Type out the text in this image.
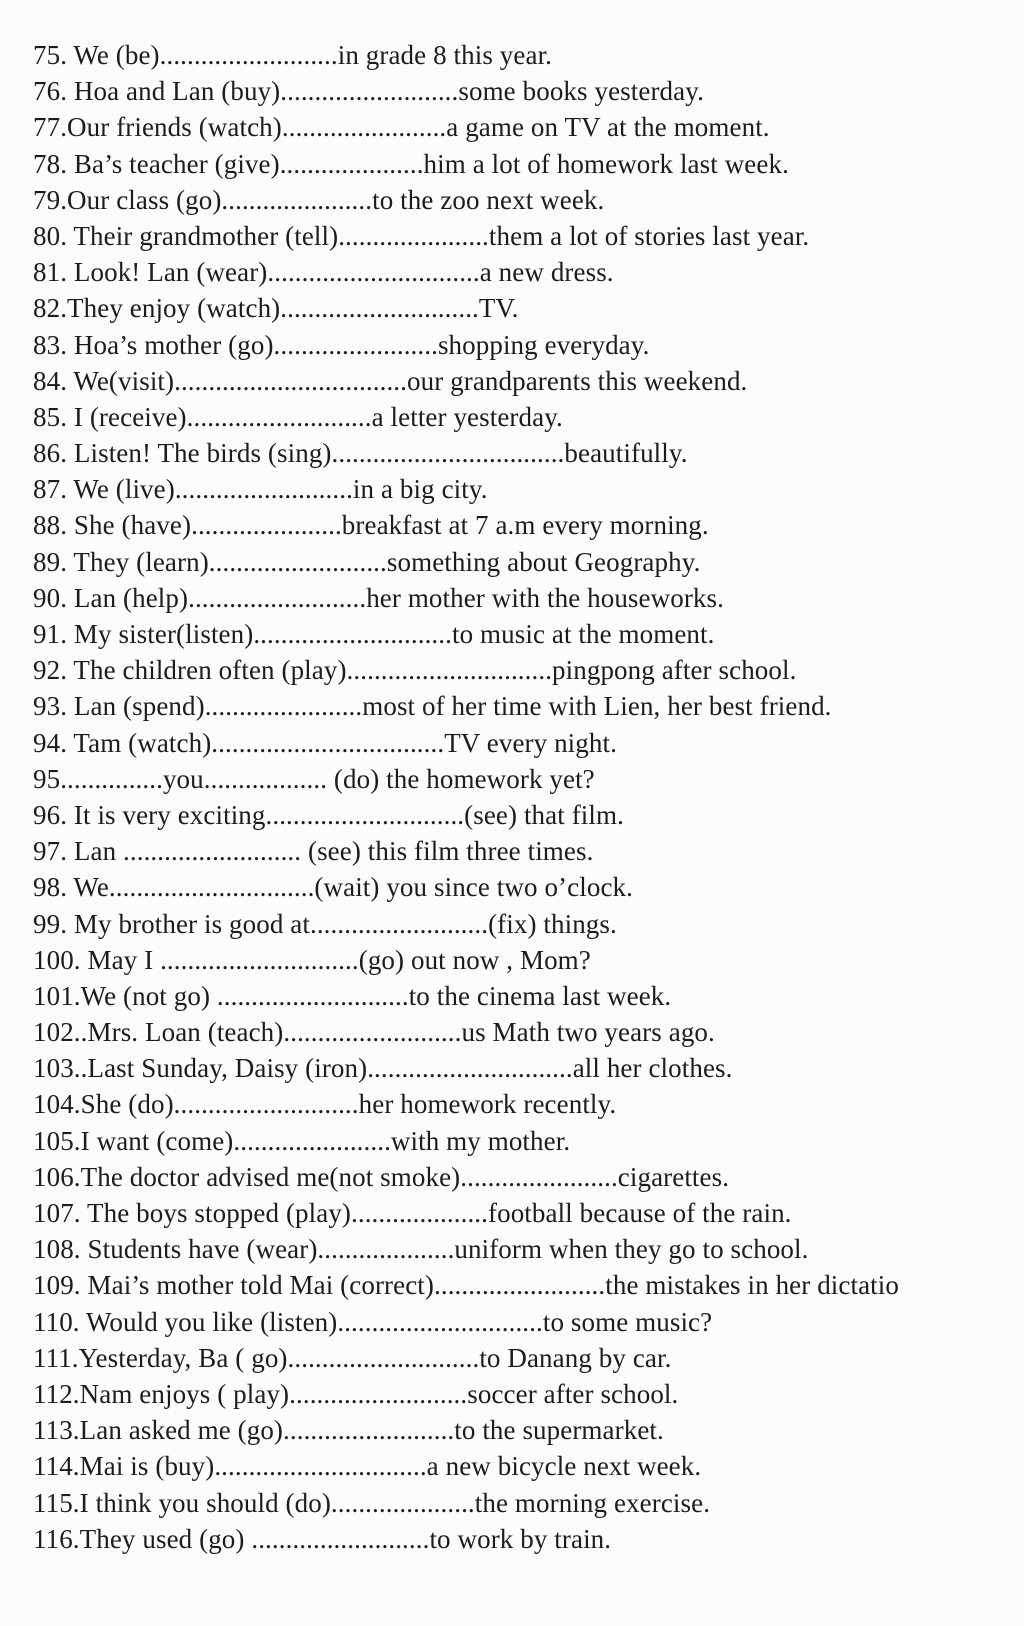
75. We (be)..........................in grade 8 this year.
76. Hoa and Lan (buy)..........................some books yesterday.
77.Our friends (watch)........................a game on TV at the moment.
78. Ba’s teacher (give).....................him a lot of homework last week.
79.Our class (go)......................to the zoo next week.
80. Their grandmother (tell)......................them a lot of stories last year.
81. Look! Lan (wear)...............................a new dress.
82.They enjoy (watch).............................TV.
83. Hoa’s mother (go)........................shopping everyday.
84. We(visit)..................................our grandparents this weekend.
85. I (receive)...........................a letter yesterday.
86. Listen! The birds (sing)..................................beautifully.
87. We (live)..........................in a big city.
88. She (have)......................breakfast at 7 a.m every morning.
89. They (learn)..........................something about Geography.
90. Lan (help)..........................her mother with the houseworks.
91. My sister(listen).............................to music at the moment.
92. The children often (play)..............................pingpong after school.
93. Lan (spend).......................most of her time with Lien, her best friend.
94. Tam (watch)..................................TV every night.
95...............you.................. (do) the homework yet?
96. It is very exciting.............................(see) that film.
97. Lan .......................... (see) this film three times.
98. We..............................(wait) you since two o’clock.
99. My brother is good at..........................(fix) things.
100. May I .............................(go) out now , Mom?
101.We (not go) ............................to the cinema last week.
102..Mrs. Loan (teach)..........................us Math two years ago.
103..Last Sunday, Daisy (iron)..............................all her clothes.
104.She (do)...........................her homework recently.
105.I want (come).......................with my mother.
106.The doctor advised me(not smoke).......................cigarettes.
107. The boys stopped (play)....................football because of the rain.
108. Students have (wear)....................uniform when they go to school.
109. Mai’s mother told Mai (correct).........................the mistakes in her dictatio
110. Would you like (listen)..............................to some music?
111.Yesterday, Ba ( go)............................to Danang by car.
112.Nam enjoys ( play)..........................soccer after school.
113.Lan asked me (go).........................to the supermarket.
114.Mai is (buy)...............................a new bicycle next week.
115.I think you should (do).....................the morning exercise.
116.They used (go) ..........................to work by train.
